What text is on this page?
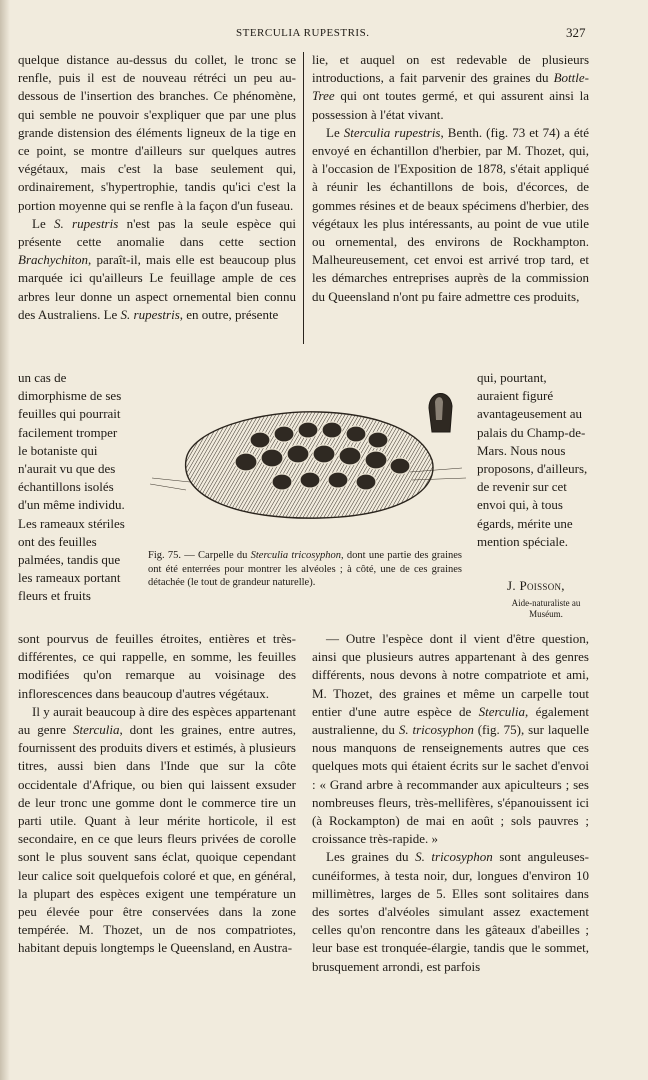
STERCULIA RUPESTRIS.	327

quelque distance au-dessus du collet, le tronc se renfle, puis il est de nouveau rétréci un peu au-dessous de l'insertion des branches. Ce phénomène, qui semble ne pouvoir s'expliquer que par une plus grande distension des éléments ligneux de la tige en ce point, se montre d'ailleurs sur quelques autres végétaux, mais c'est la base seulement qui, ordinairement, s'hypertrophie, tandis qu'ici c'est la portion moyenne qui se renfle à la façon d'un fuseau.

Le S. rupestris n'est pas la seule espèce qui présente cette anomalie dans cette section Brachychiton, paraît-il, mais elle est beaucoup plus marquée ici qu'ailleurs Le feuillage ample de ces arbres leur donne un aspect ornemental bien connu des Australiens. Le S. rupestris, en outre, présente

lie, et auquel on est redevable de plusieurs introductions, a fait parvenir des graines du Bottle-Tree qui ont toutes germé, et qui assurent ainsi la possession à l'état vivant.

Le Sterculia rupestris, Benth. (fig. 73 et 74) a été envoyé en échantillon d'herbier, par M. Thozet, qui, à l'occasion de l'Exposition de 1878, s'était appliqué à réunir les échantillons de bois, d'écorces, de gommes résines et de beaux spécimens d'herbier, des végétaux les plus intéressants, au point de vue utile ou ornemental, des environs de Rockhampton. Malheureusement, cet envoi est arrivé trop tard, et les démarches entreprises auprès de la commission du Queensland n'ont pu faire admettre ces produits,

un cas de dimorphisme de ses feuilles qui pourrait facilement tromper le botaniste qui n'aurait vu que des échantillons isolés d'un même individu. Les rameaux stériles ont des feuilles palmées, tandis que les rameaux portant fleurs et fruits
qui, pourtant, auraient figuré avantageusement au palais du Champ-de-Mars. Nous nous proposons, d'ailleurs, de revenir sur cet envoi qui, à tous égards, mérite une mention spéciale.
Fig. 75. — Carpelle du Sterculia tricosyphon, dont une partie des graines ont été enterrées pour montrer les alvéoles ; à côté, une de ces graines détachée (le tout de grandeur naturelle).	J. Poisson,
Aide-naturaliste au Muséum.

sont pourvus de feuilles étroites, entières et très-différentes, ce qui rappelle, en somme, les feuilles modifiées qu'on remarque au voisinage des inflorescences dans beaucoup d'autres végétaux.

Il y aurait beaucoup à dire des espèces appartenant au genre Sterculia, dont les graines, entre autres, fournissent des produits divers et estimés, à plusieurs titres, aussi bien dans l'Inde que sur la côte occidentale d'Afrique, ou bien qui laissent exsuder de leur tronc une gomme dont le commerce tire un parti utile. Quant à leur mérite horticole, il est secondaire, en ce que leurs fleurs privées de corolle sont le plus souvent sans éclat, quoique cependant leur calice soit quelquefois coloré et que, en général, la plupart des espèces exigent une température un peu élevée pour être conservées dans la zone tempérée. M. Thozet, un de nos compatriotes, habitant depuis longtemps le Queensland, en Austra-

— Outre l'espèce dont il vient d'être question, ainsi que plusieurs autres appartenant à des genres différents, nous devons à notre compatriote et ami, M. Thozet, des graines et même un carpelle tout entier d'une autre espèce de Sterculia, également australienne, du S. tricosyphon (fig. 75), sur laquelle nous manquons de renseignements autres que ces quelques mots qui étaient écrits sur le sachet d'envoi : « Grand arbre à recommander aux apiculteurs ; ses nombreuses fleurs, très-mellifères, s'épanouissent ici (à Rockampton) de mai en août ; sols pauvres ; croissance très-rapide. »

Les graines du S. tricosyphon sont anguleuses-cunéiformes, à testa noir, dur, longues d'environ 10 millimètres, larges de 5. Elles sont solitaires dans des sortes d'alvéoles simulant assez exactement celles qu'on rencontre dans les gâteaux d'abeilles ; leur base est tronquée-élargie, tandis que le sommet, brusquement arrondi, est parfois
